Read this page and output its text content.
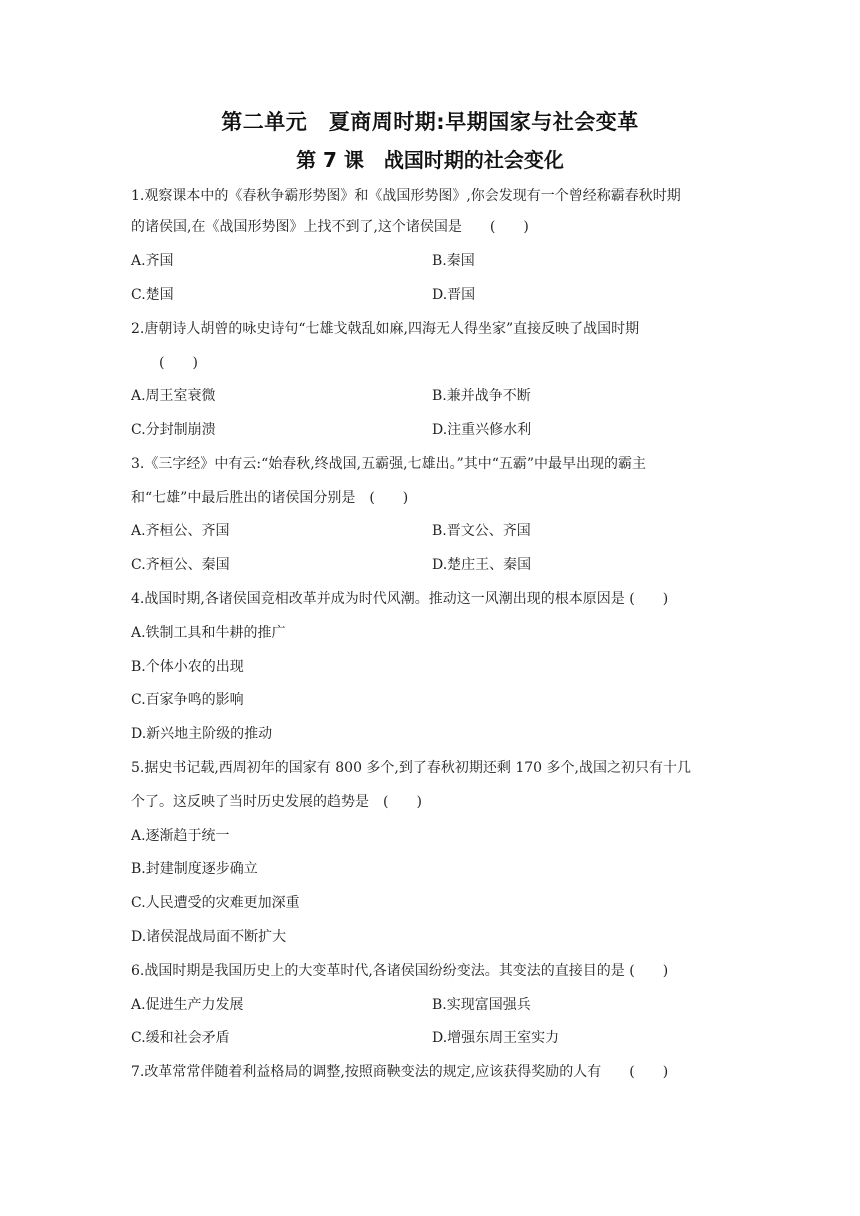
第二单元　夏商周时期:早期国家与社会变革
第 7 课　战国时期的社会变化
1.观察课本中的《春秋争霸形势图》和《战国形势图》,你会发现有一个曾经称霸春秋时期
的诸侯国,在《战国形势图》上找不到了,这个诸侯国是　　(　　)
A.齐国	B.秦国
C.楚国	D.晋国
2.唐朝诗人胡曾的咏史诗句“七雄戈戟乱如麻,四海无人得坐家”直接反映了战国时期
　　(　　)
A.周王室衰微	B.兼并战争不断
C.分封制崩溃	D.注重兴修水利
3.《三字经》中有云:“始春秋,终战国,五霸强,七雄出。”其中“五霸”中最早出现的霸主
和“七雄”中最后胜出的诸侯国分别是　(　　)
A.齐桓公、齐国	B.晋文公、齐国
C.齐桓公、秦国	D.楚庄王、秦国
4.战国时期,各诸侯国竞相改革并成为时代风潮。推动这一风潮出现的根本原因是 (　　)
A.铁制工具和牛耕的推广
B.个体小农的出现
C.百家争鸣的影响
D.新兴地主阶级的推动
5.据史书记载,西周初年的国家有 800 多个,到了春秋初期还剩 170 多个,战国之初只有十几
个了。这反映了当时历史发展的趋势是　(　　)
A.逐渐趋于统一
B.封建制度逐步确立
C.人民遭受的灾难更加深重
D.诸侯混战局面不断扩大
6.战国时期是我国历史上的大变革时代,各诸侯国纷纷变法。其变法的直接目的是 (　　)
A.促进生产力发展	B.实现富国强兵
C.缓和社会矛盾	D.增强东周王室实力
7.改革常常伴随着利益格局的调整,按照商鞅变法的规定,应该获得奖励的人有　　(　　)
